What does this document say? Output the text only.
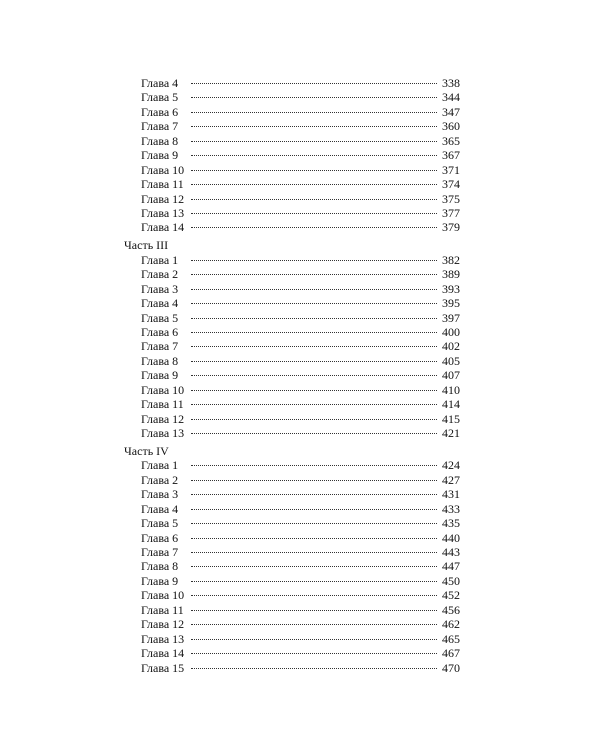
Глава 4	338
Глава 5	344
Глава 6	347
Глава 7	360
Глава 8	365
Глава 9	367
Глава 10	371
Глава 11	374
Глава 12	375
Глава 13	377
Глава 14	379
Часть III
Глава 1	382
Глава 2	389
Глава 3	393
Глава 4	395
Глава 5	397
Глава 6	400
Глава 7	402
Глава 8	405
Глава 9	407
Глава 10	410
Глава 11	414
Глава 12	415
Глава 13	421
Часть IV
Глава 1	424
Глава 2	427
Глава 3	431
Глава 4	433
Глава 5	435
Глава 6	440
Глава 7	443
Глава 8	447
Глава 9	450
Глава 10	452
Глава 11	456
Глава 12	462
Глава 13	465
Глава 14	467
Глава 15	470
